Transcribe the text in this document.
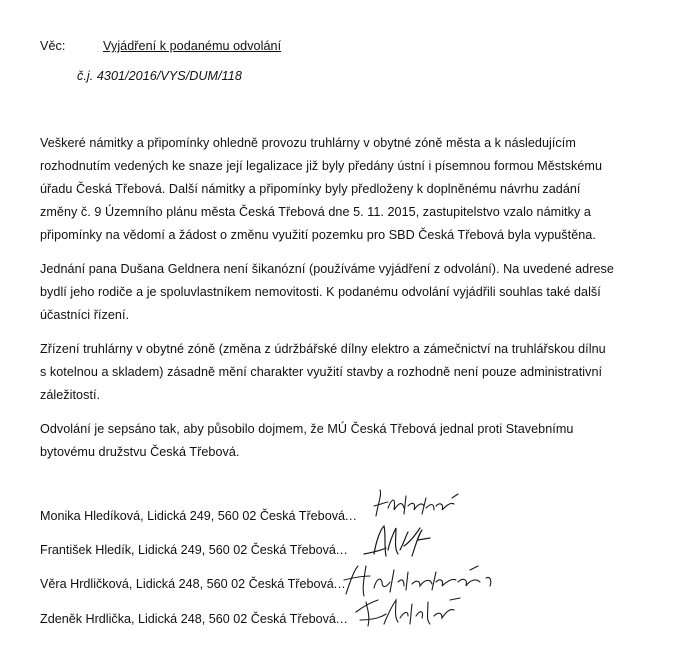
Věc:	Vyjádření k podanému odvolání
č.j. 4301/2016/VYS/DUM/118
Veškeré námitky a připomínky ohledně provozu truhlárny v obytné zóně města a k následujícím
rozhodnutím vedených ke snaze její legalizace již byly předány ústní i písemnou formou Městskému
úřadu Česká Třebová. Další námitky a připomínky byly předloženy k doplněnému návrhu zadání
změny č. 9 Územního plánu města Česká Třebová dne 5. 11. 2015, zastupitelstvo vzalo námitky a
připomínky na vědomí a žádost o změnu využití pozemku pro SBD Česká Třebová byla vypuštěna.
Jednání pana Dušana Geldnera není šikanózní (používáme vyjádření z odvolání). Na uvedené adrese
bydlí jeho rodiče a je spoluvlastníkem nemovitosti. K podanému odvolání vyjádřili souhlas také další
účastníci řízení.
Zřízení truhlárny v obytné zóně (změna z údržbářské dílny elektro a zámečnictví na truhlářskou dílnu
s kotelnou a skladem) zásadně mění charakter využití stavby a rozhodně není pouze administrativní
záležitostí.
Odvolání je sepsáno tak, aby působilo dojmem, že MÚ Česká Třebová jednal proti Stavebnímu
bytovému družstvu Česká Třebová.
Monika Hledíková, Lidická 249, 560 02 Česká Třebová...
František Hledík, Lidická 249, 560 02 Česká Třebová...
Věra Hrdličková, Lidická 248, 560 02 Česká Třebová...
Zdeněk Hrdlička, Lidická 248, 560 02 Česká Třebová...
